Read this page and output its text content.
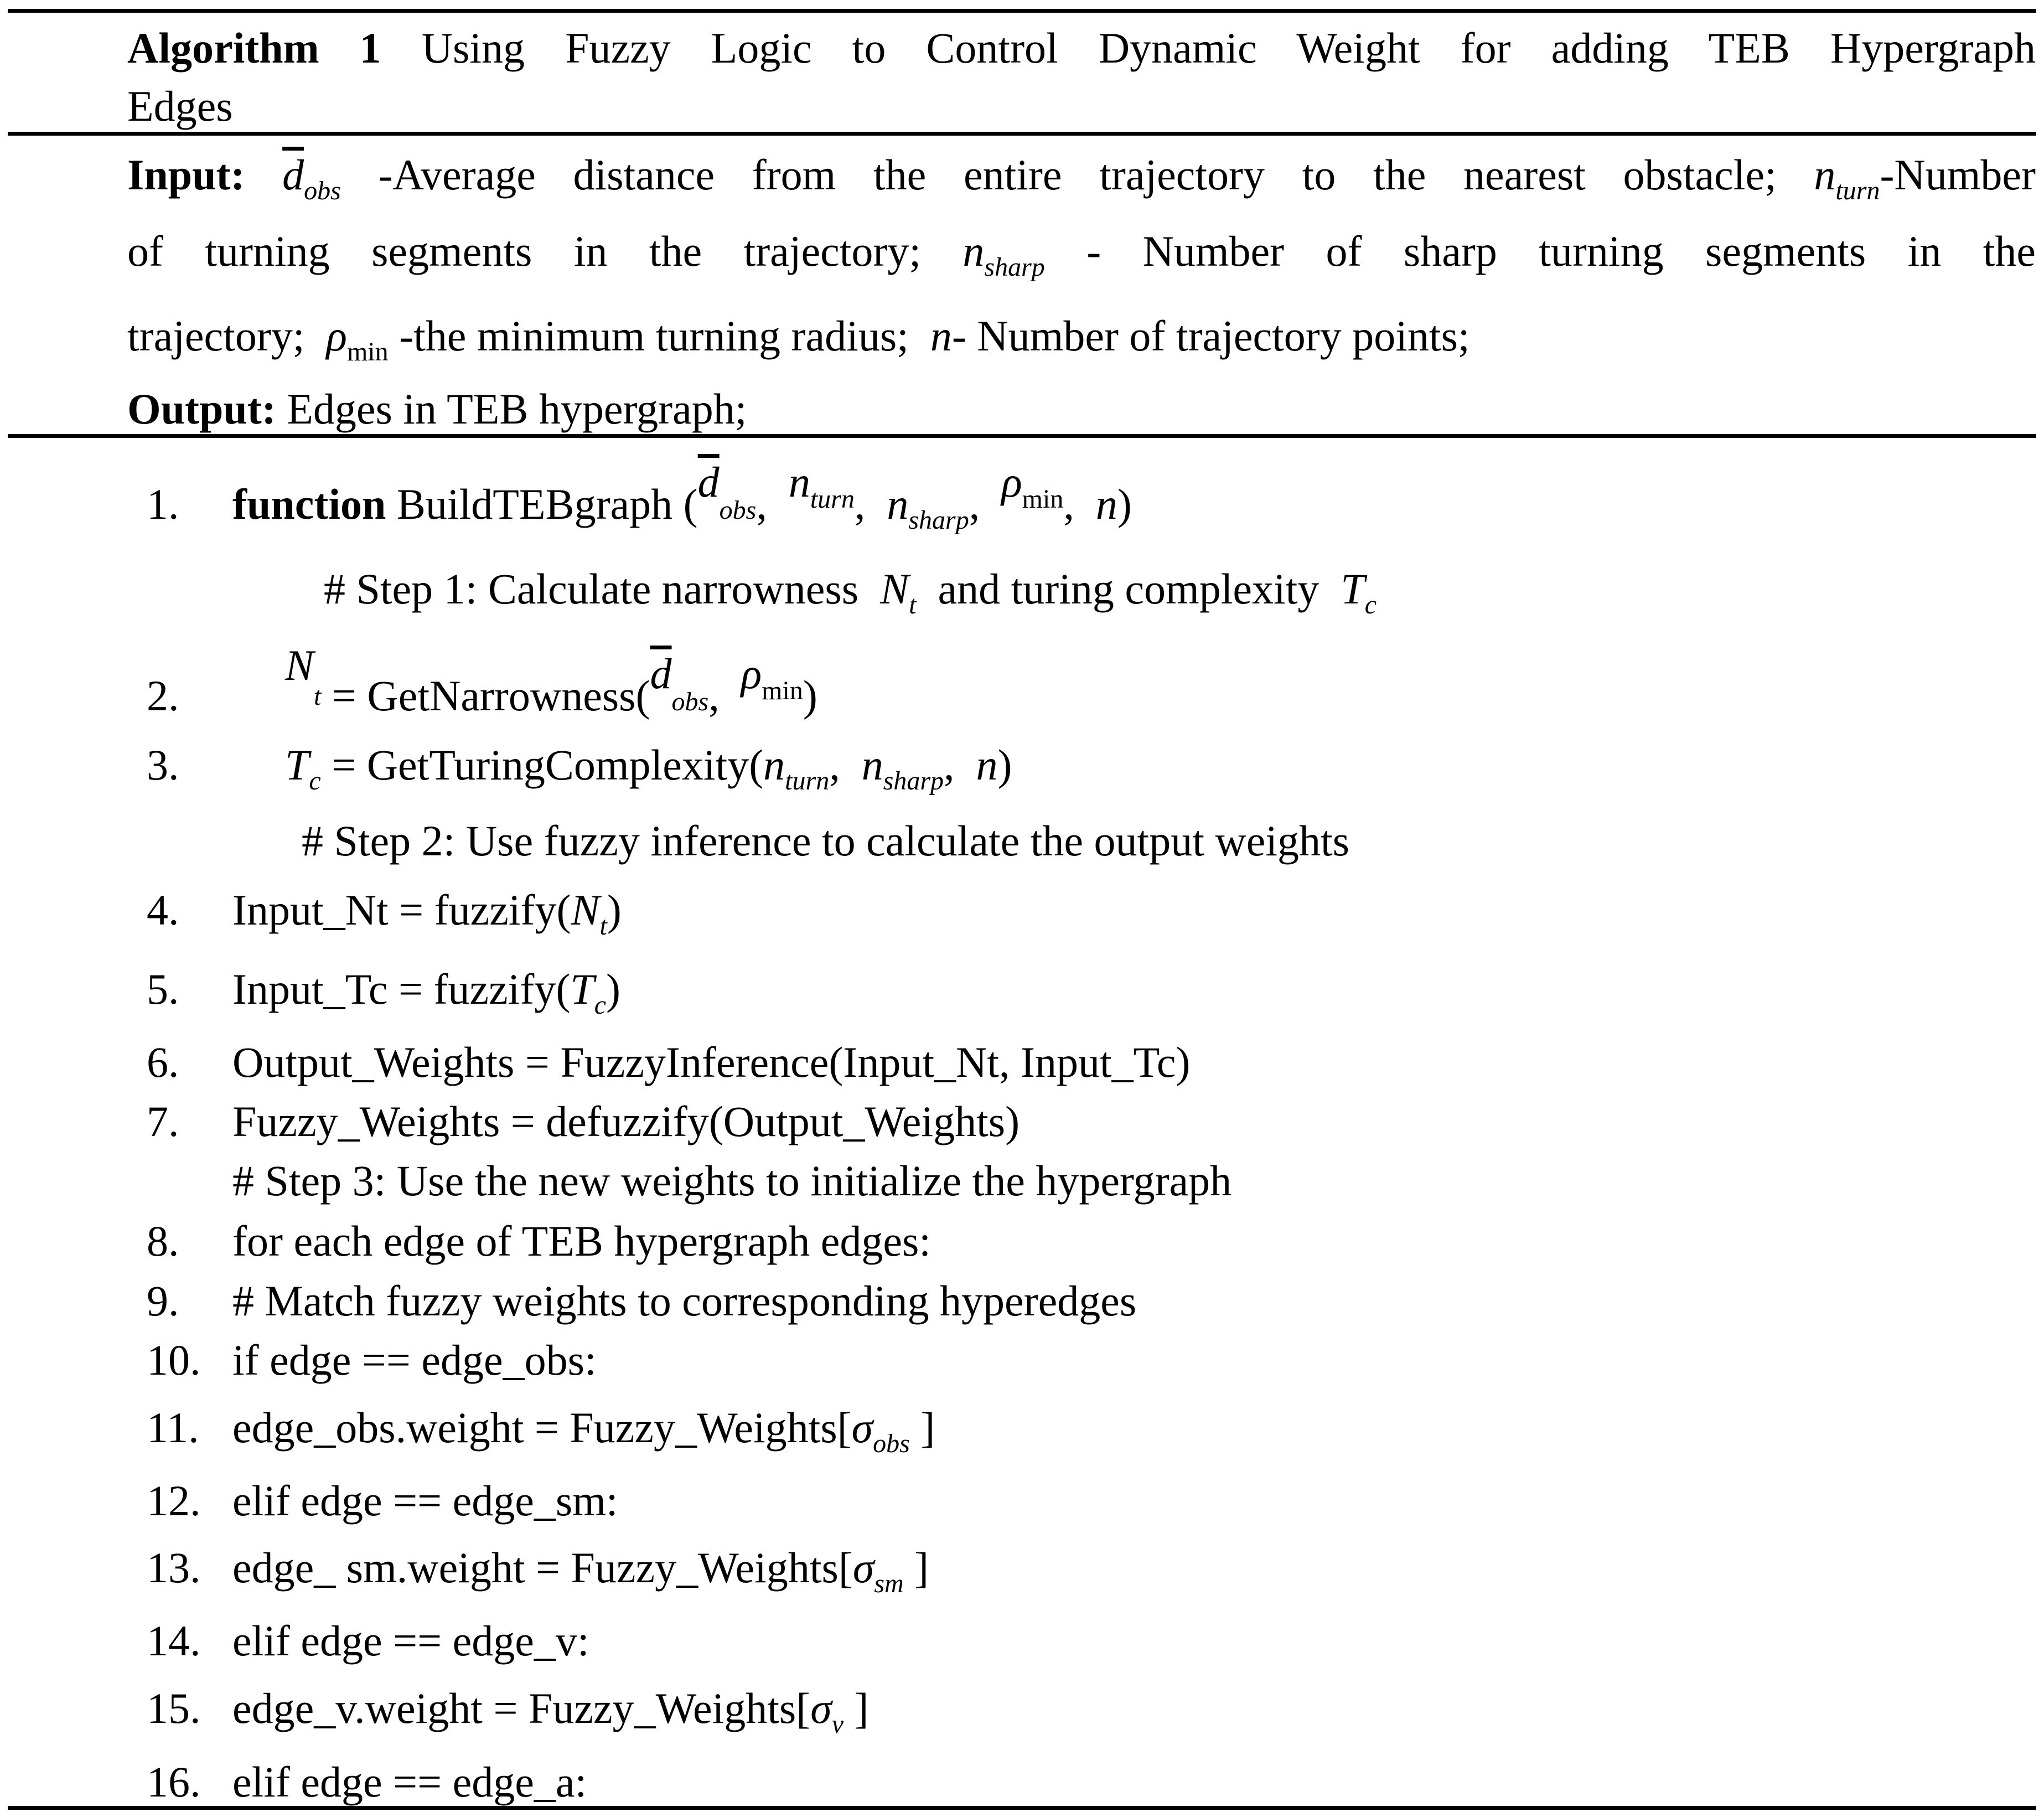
Algorithm 1 Using Fuzzy Logic to Control Dynamic Weight for adding TEB Hypergraph
Edges
Input: $\overline{d}_{obs}$ -Average distance from the entire trajectory to the nearest obstacle; $n_{turn}$-Number
of turning segments in the trajectory; $n_{sharp}$ - Number of sharp turning segments in the
trajectory; $\rho_{min}$ -the minimum turning radius; n- Number of trajectory points;
Output: Edges in TEB hypergraph;
1. function BuildTEBgraph ($\overline{d}obs$, $n_{turn}$, $n_{sharp}$, $\rho_{min}$, n)
# Step 1: Calculate narrowness $N_t$ and turing complexity $T_c$
2.
$N_t$ = $GetNarrowness(\overline{d}obs$, $\rho_{min}$)
3. $T_c$ = $GetTuringComplexity(n_{turn}$, $n_{sharp}$, n)
# Step 2: Use fuzzy inference to calculate the output weights
4. Input_Nt = $fuzzify(N_t)$
5. Input_Tc = $fuzzify(T_c)$
6. Output_Weights = FuzzyInference(Input_Nt, Input_Tc)
7. Fuzzy_Weights = defuzzify(Output_Weights)
# Step 3: Use the new weights to initialize the hypergraph
8. for each edge of TEB hypergraph edges:
9. # Match fuzzy weights to corresponding hyperedges
10. if edge == edge_obs:
11. edge_obs.weight = $Fuzzy\_Weights[\sigma_{obs}$ ]
12. elif edge == edge_sm:
13. edge_ sm.weight = $Fuzzy\_Weights[\sigma_{sm}$ ]
14. elif edge == edge_v:
15. edge_v.weight = $Fuzzy\_Weights[\sigma_v$ ]
16. elif edge == edge_a:
